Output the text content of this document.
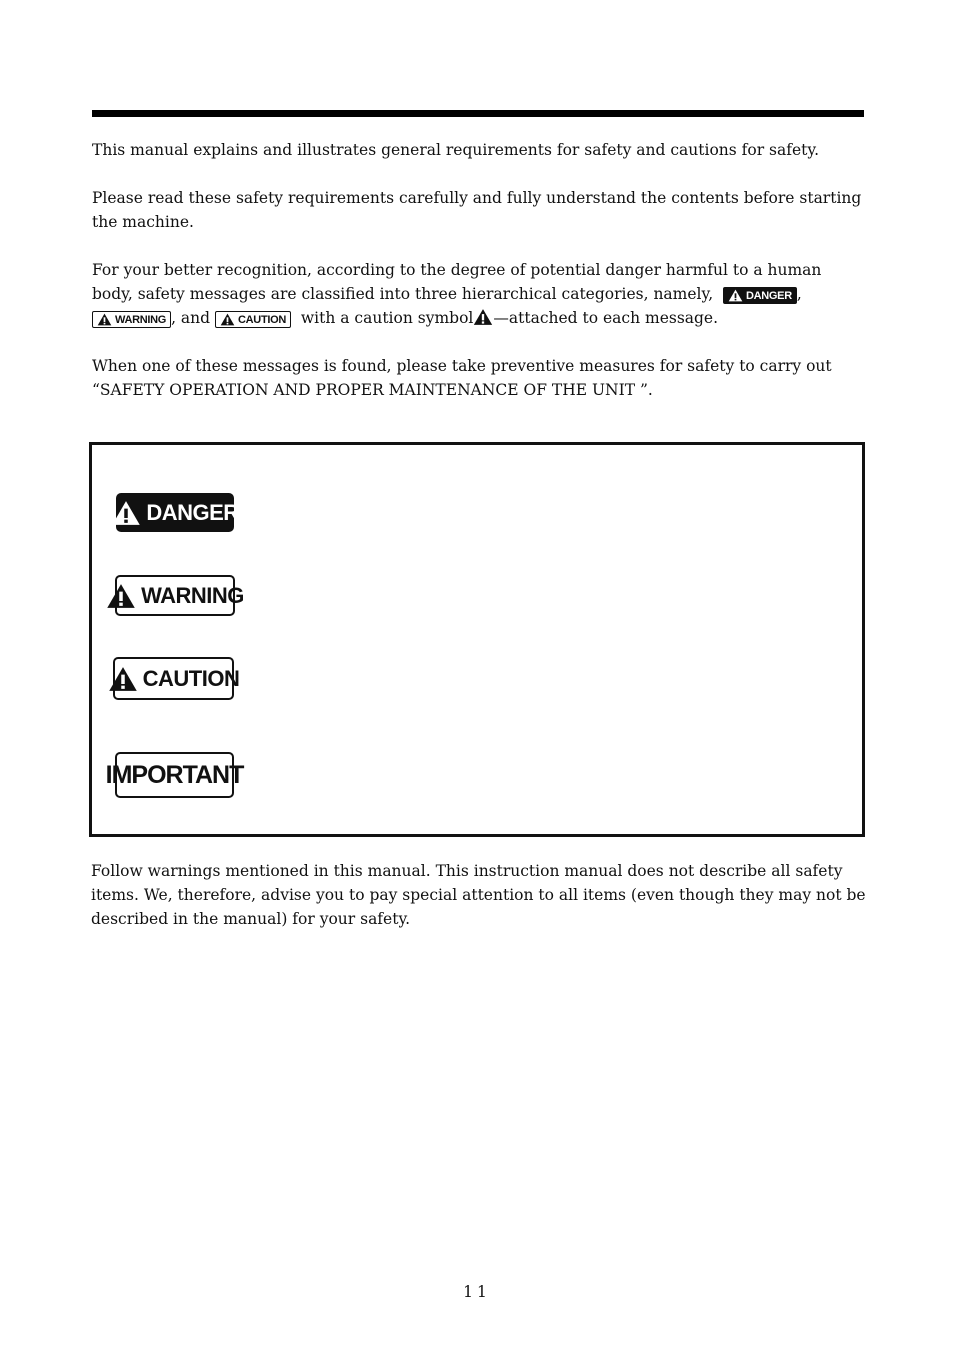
This manual explains and illustrates general requirements for safety and cautions for safety.

Please read these safety requirements carefully and fully understand the contents before starting the machine.

For your better recognition, according to the degree of potential danger harmful to a human body, safety messages are classified into three hierarchical categories, namely,	DANGER ,
WARNING , and	CAUTION with a caution symbol —attached to each message.

When one of these messages is found, please take preventive measures for safety to carry out “SAFETY OPERATION AND PROPER MAINTENANCE OF THE UNIT ”.

DANGER
WARNING
CAUTION
IMPORTANT

Follow warnings mentioned in this manual. This instruction manual does not describe all safety items. We, therefore, advise you to pay special attention to all items (even though they may not be described in the manual) for your safety.

11
